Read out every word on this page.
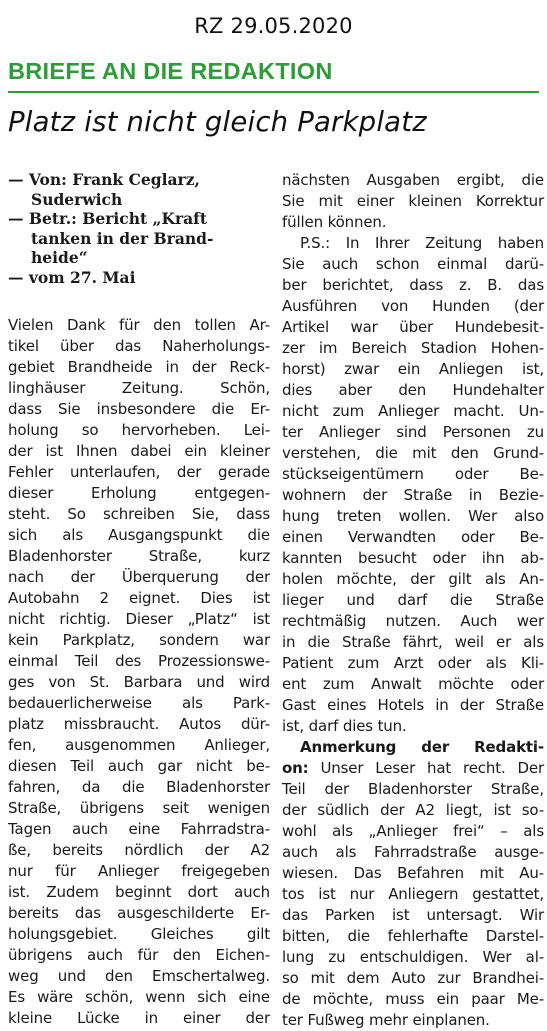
RZ 29.05.2020
BRIEFE AN DIE REDAKTION
Platz ist nicht gleich Parkplatz
— Von: Frank Ceglarz,
Suderwich
— Betr.: Bericht „Kraft
tanken in der Brand-
heide“
— vom 27. Mai
Vielen Dank für den tollen Ar-
tikel über das Naherholungs-
gebiet Brandheide in der Reck-
linghäuser Zeitung. Schön,
dass Sie insbesondere die Er-
holung so hervorheben. Lei-
der ist Ihnen dabei ein kleiner
Fehler unterlaufen, der gerade
dieser Erholung entgegen-
steht. So schreiben Sie, dass
sich als Ausgangspunkt die
Bladenhorster Straße, kurz
nach der Überquerung der
Autobahn 2 eignet. Dies ist
nicht richtig. Dieser „Platz“ ist
kein Parkplatz, sondern war
einmal Teil des Prozessionswe-
ges von St. Barbara und wird
bedauerlicherweise als Park-
platz missbraucht. Autos dür-
fen, ausgenommen Anlieger,
diesen Teil auch gar nicht be-
fahren, da die Bladenhorster
Straße, übrigens seit wenigen
Tagen auch eine Fahrradstra-
ße, bereits nördlich der A2
nur für Anlieger freigegeben
ist. Zudem beginnt dort auch
bereits das ausgeschilderte Er-
holungsgebiet. Gleiches gilt
übrigens auch für den Eichen-
weg und den Emschertalweg.
Es wäre schön, wenn sich eine
kleine Lücke in einer der
nächsten Ausgaben ergibt, die
Sie mit einer kleinen Korrektur
füllen können.
P.S.: In Ihrer Zeitung haben
Sie auch schon einmal darü-
ber berichtet, dass z. B. das
Ausführen von Hunden (der
Artikel war über Hundebesit-
zer im Bereich Stadion Hohen-
horst) zwar ein Anliegen ist,
dies aber den Hundehalter
nicht zum Anlieger macht. Un-
ter Anlieger sind Personen zu
verstehen, die mit den Grund-
stückseigentümern oder Be-
wohnern der Straße in Bezie-
hung treten wollen. Wer also
einen Verwandten oder Be-
kannten besucht oder ihn ab-
holen möchte, der gilt als An-
lieger und darf die Straße
rechtmäßig nutzen. Auch wer
in die Straße fährt, weil er als
Patient zum Arzt oder als Kli-
ent zum Anwalt möchte oder
Gast eines Hotels in der Straße
ist, darf dies tun.
Anmerkung der Redakti-
on: Unser Leser hat recht. Der
Teil der Bladenhorster Straße,
der südlich der A2 liegt, ist so-
wohl als „Anlieger frei“ – als
auch als Fahrradstraße ausge-
wiesen. Das Befahren mit Au-
tos ist nur Anliegern gestattet,
das Parken ist untersagt. Wir
bitten, die fehlerhafte Darstel-
lung zu entschuldigen. Wer al-
so mit dem Auto zur Brandhei-
de möchte, muss ein paar Me-
ter Fußweg mehr einplanen.
